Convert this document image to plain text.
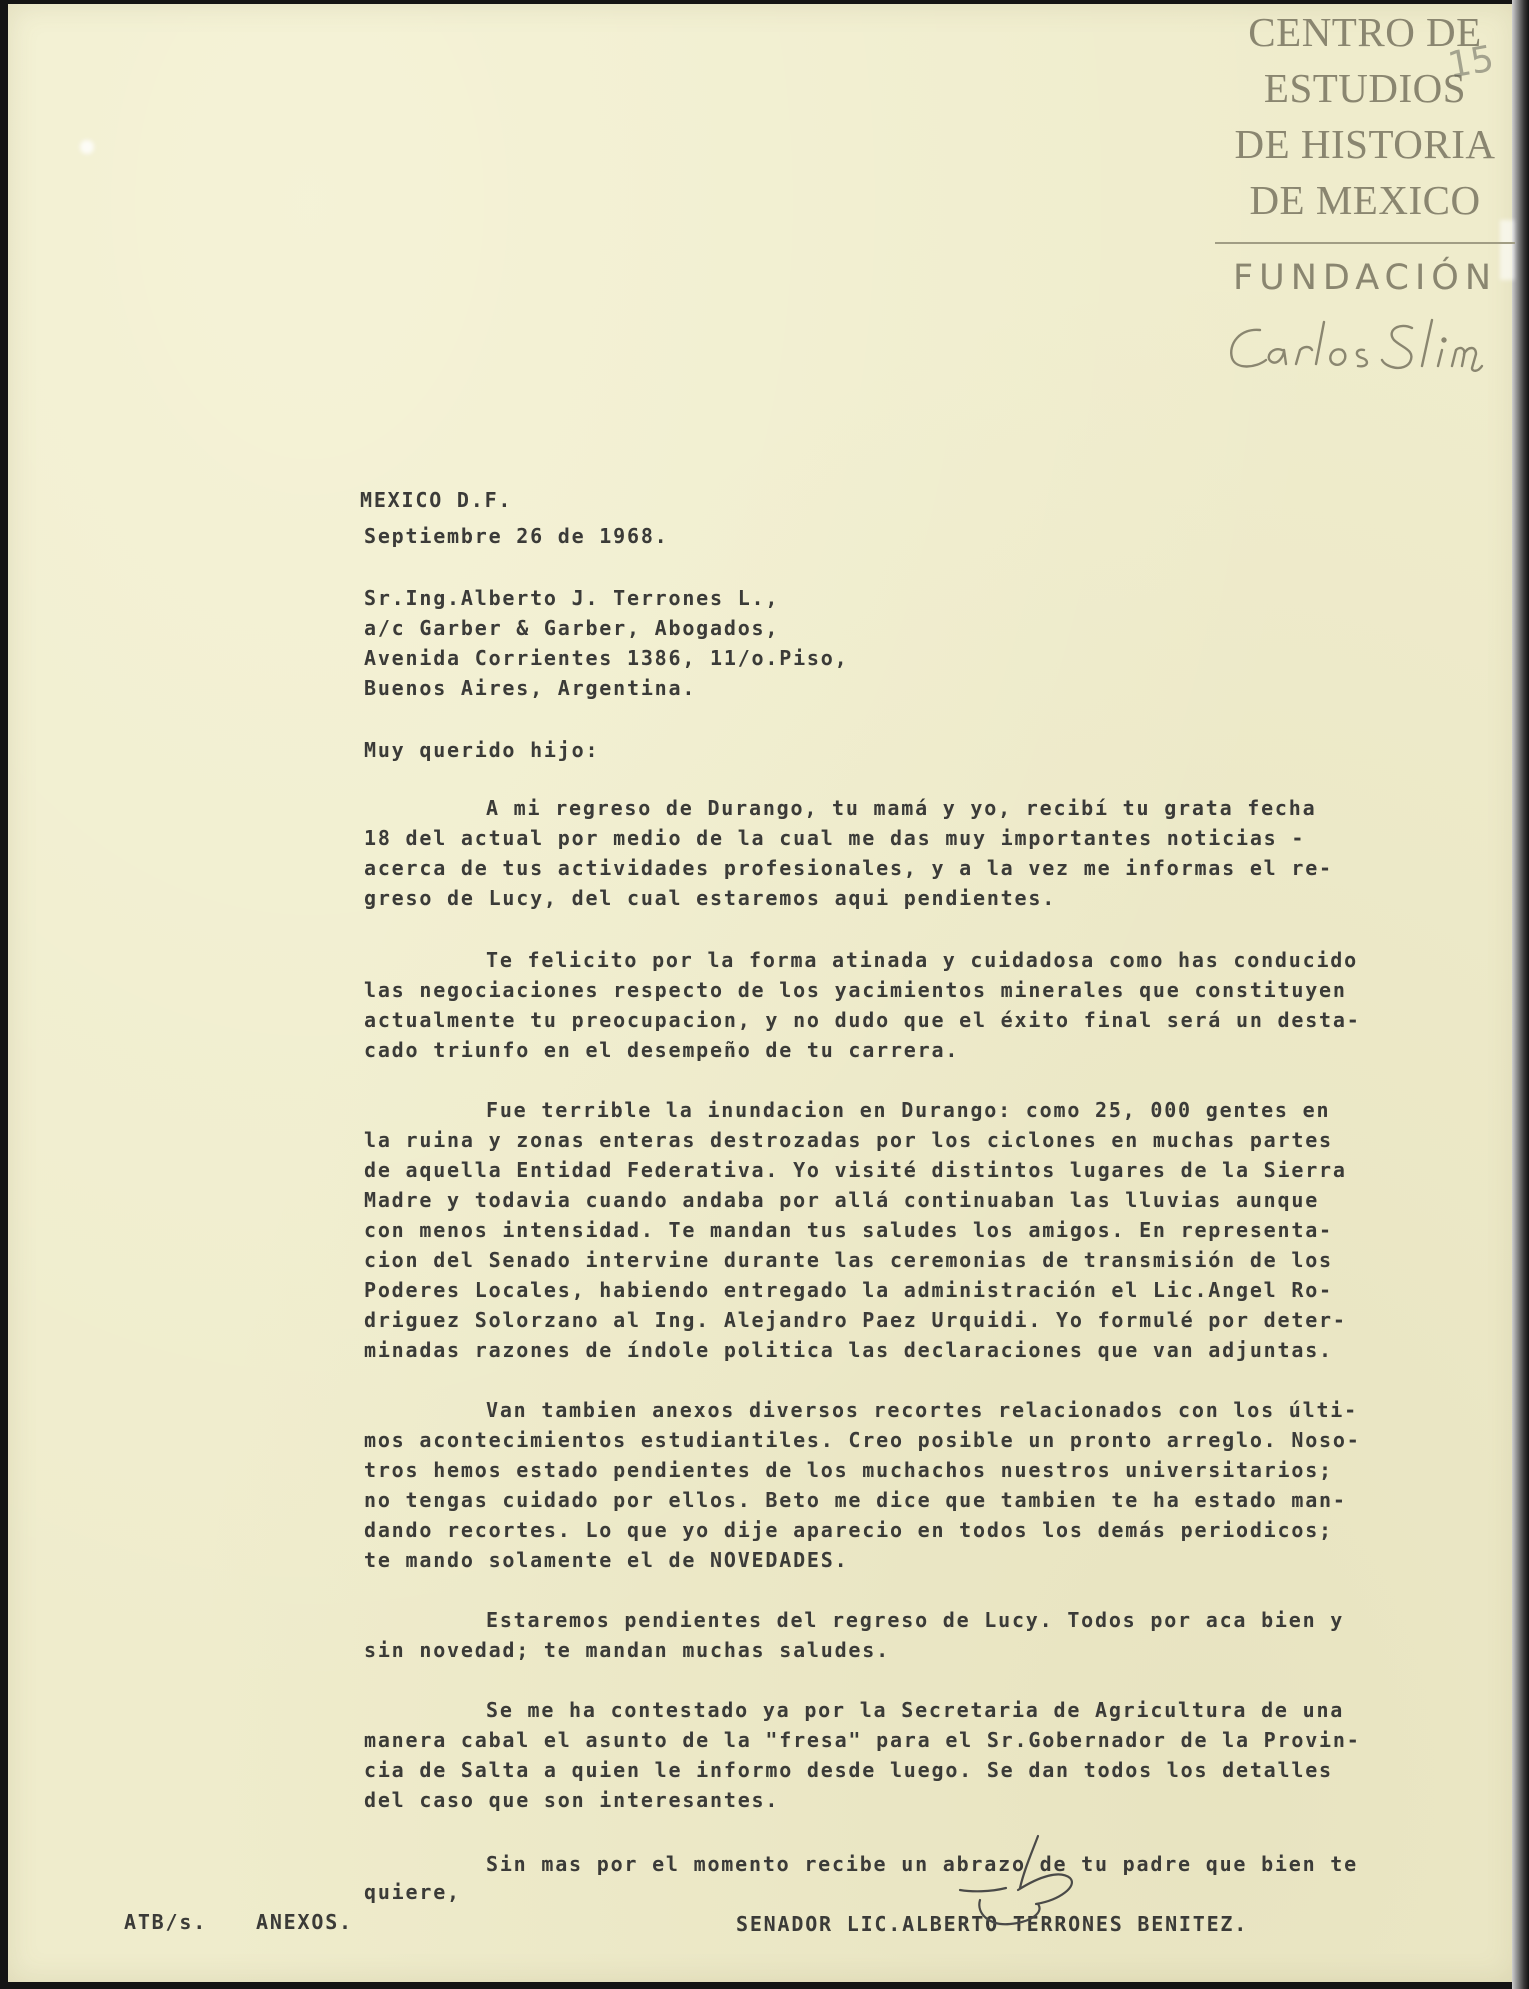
CENTRO DE
ESTUDIOS
DE HISTORIA
DE MEXICO
FUNDACIÓN
15
MEXICO D.F.
Septiembre 26 de 1968.
Sr.Ing.Alberto J. Terrones L.,
a/c Garber & Garber, Abogados,
Avenida Corrientes 1386, 11/o.Piso,
Buenos Aires, Argentina.
Muy querido hijo:
A mi regreso de Durango, tu mamá y yo, recibí tu grata fecha
18 del actual por medio de la cual me das muy importantes noticias -
acerca de tus actividades profesionales, y a la vez me informas el re-
greso de Lucy, del cual estaremos aqui pendientes.
Te felicito por la forma atinada y cuidadosa como has conducido
las negociaciones respecto de los yacimientos minerales que constituyen
actualmente tu preocupacion, y no dudo que el éxito final será un desta-
cado triunfo en el desempeño de tu carrera.
Fue terrible la inundacion en Durango: como 25, 000 gentes en
la ruina y zonas enteras destrozadas por los ciclones en muchas partes
de aquella Entidad Federativa. Yo visité distintos lugares de la Sierra
Madre y todavia cuando andaba por allá continuaban las lluvias aunque
con menos intensidad. Te mandan tus saludes los amigos. En representa-
cion del Senado intervine durante las ceremonias de transmisión de los
Poderes Locales, habiendo entregado la administración el Lic.Angel Ro-
driguez Solorzano al Ing. Alejandro Paez Urquidi. Yo formulé por deter-
minadas razones de índole politica las declaraciones que van adjuntas.
Van tambien anexos diversos recortes relacionados con los últi-
mos acontecimientos estudiantiles. Creo posible un pronto arreglo. Noso-
tros hemos estado pendientes de los muchachos nuestros universitarios;
no tengas cuidado por ellos. Beto me dice que tambien te ha estado man-
dando recortes. Lo que yo dije aparecio en todos los demás periodicos;
te mando solamente el de NOVEDADES.
Estaremos pendientes del regreso de Lucy. Todos por aca bien y
sin novedad; te mandan muchas saludes.
Se me ha contestado ya por la Secretaria de Agricultura de una
manera cabal el asunto de la "fresa" para el Sr.Gobernador de la Provin-
cia de Salta a quien le informo desde luego. Se dan todos los detalles
del caso que son interesantes.
Sin mas por el momento recibe un abrazo de tu padre que bien te
quiere,
ATB/s. ANEXOS.	SENADOR LIC.ALBERTO TERRONES BENITEZ.
